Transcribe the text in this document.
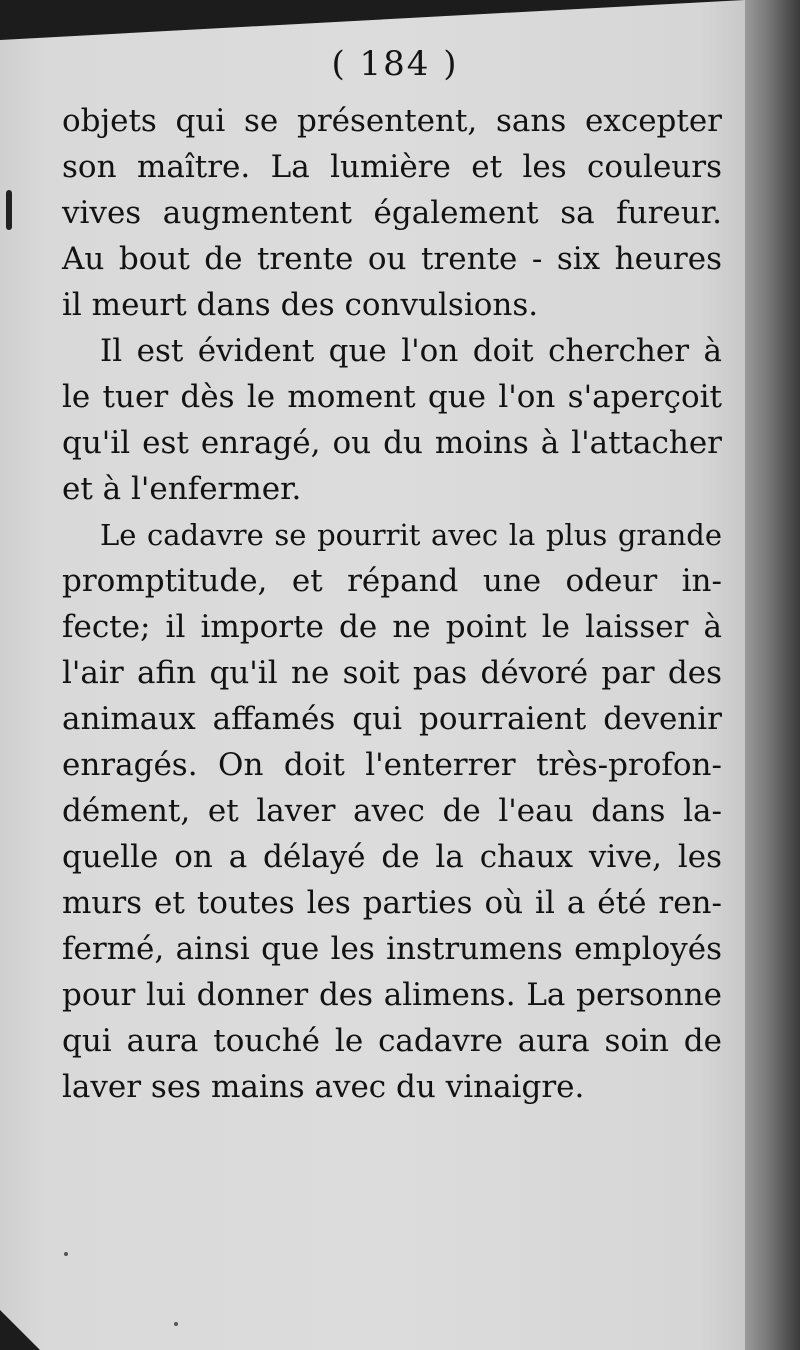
( 184 )
objets qui se présentent, sans excepter
son maître. La lumière et les couleurs
vives augmentent également sa fureur.
Au bout de trente ou trente - six heures
il meurt dans des convulsions.
Il est évident que l'on doit chercher à
le tuer dès le moment que l'on s'aperçoit
qu'il est enragé, ou du moins à l'attacher
et à l'enfermer.
Le cadavre se pourrit avec la plus grande
promptitude, et répand une odeur in-
fecte; il importe de ne point le laisser à
l'air afin qu'il ne soit pas dévoré par des
animaux affamés qui pourraient devenir
enragés. On doit l'enterrer très-profon-
dément, et laver avec de l'eau dans la-
quelle on a délayé de la chaux vive, les
murs et toutes les parties où il a été ren-
fermé, ainsi que les instrumens employés
pour lui donner des alimens. La personne
qui aura touché le cadavre aura soin de
laver ses mains avec du vinaigre.
